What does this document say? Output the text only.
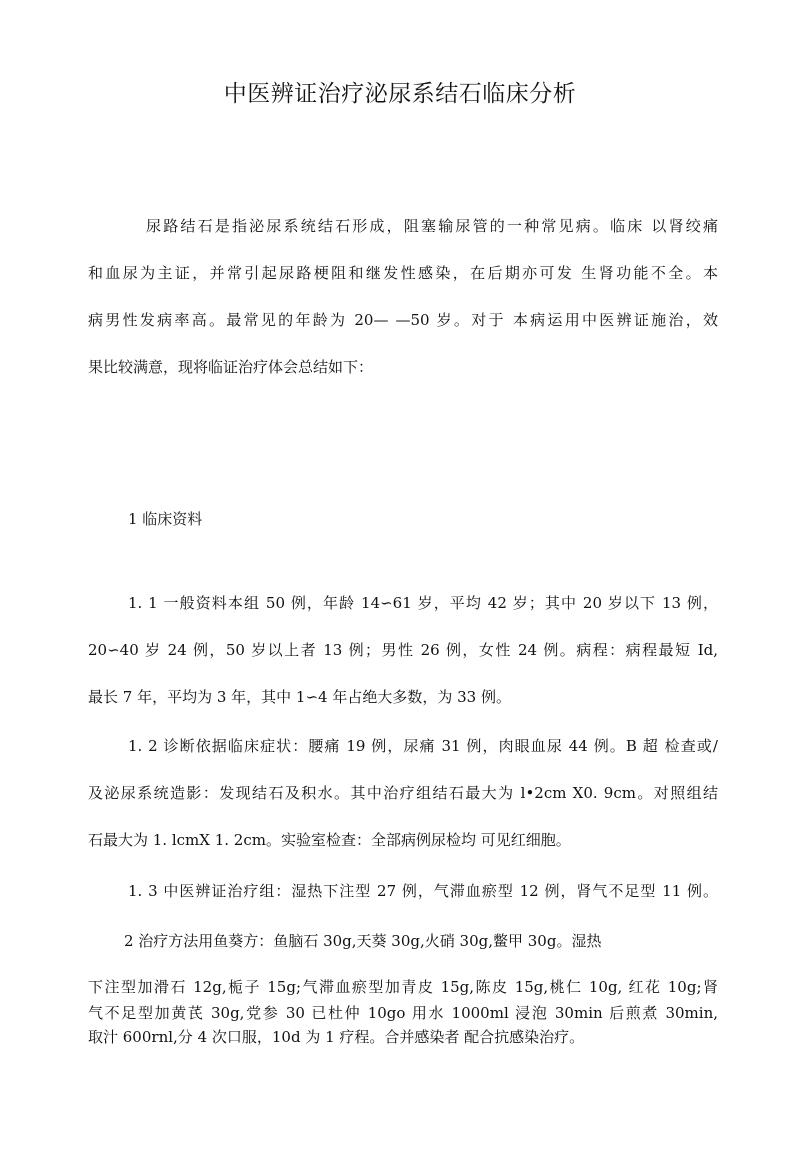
中医辨证治疗泌尿系结石临床分析

尿路结石是指泌尿系统结石形成，阻塞输尿管的一种常见病。临床 以肾绞痛

和血尿为主证，并常引起尿路梗阻和继发性感染，在后期亦可发 生肾功能不全。本

病男性发病率高。最常见的年龄为 20— —50 岁。对于 本病运用中医辨证施治，效

果比较满意，现将临证治疗体会总结如下：

1 临床资料

1. 1 一般资料本组 50 例，年龄 14∽61 岁，平均 42 岁；其中 20 岁以下 13 例，

20∽40 岁 24 例，50 岁以上者 13 例；男性 26 例，女性 24 例。病程：病程最短 Id,

最长 7 年，平均为 3 年，其中 1∽4 年占绝大多数，为 33 例。

1. 2 诊断依据临床症状：腰痛 19 例，尿痛 31 例，肉眼血尿 44 例。B 超 检查或/

及泌尿系统造影：发现结石及积水。其中治疗组结石最大为 l•2cm X0. 9cm。对照组结

石最大为 1. lcmX 1. 2cm。实验室检查：全部病例尿检均 可见红细胞。

1. 3 中医辨证治疗组：湿热下注型 27 例，气滞血瘀型 12 例，肾气不足型 11 例。

2 治疗方法用鱼葵方：鱼脑石 30g,天葵 30g,火硝 30g,鳖甲 30g。湿热

下注型加滑石 12g,栀子 15g;气滞血瘀型加青皮 15g,陈皮 15g,桃仁 10g, 红花 10g;肾

气不足型加黄芪 30g,党参 30 已杜仲 10go 用水 1000ml 浸泡 30min 后煎煮 30min,

取汁 600rnl,分 4 次口服，10d 为 1 疗程。合并感染者 配合抗感染治疗。
